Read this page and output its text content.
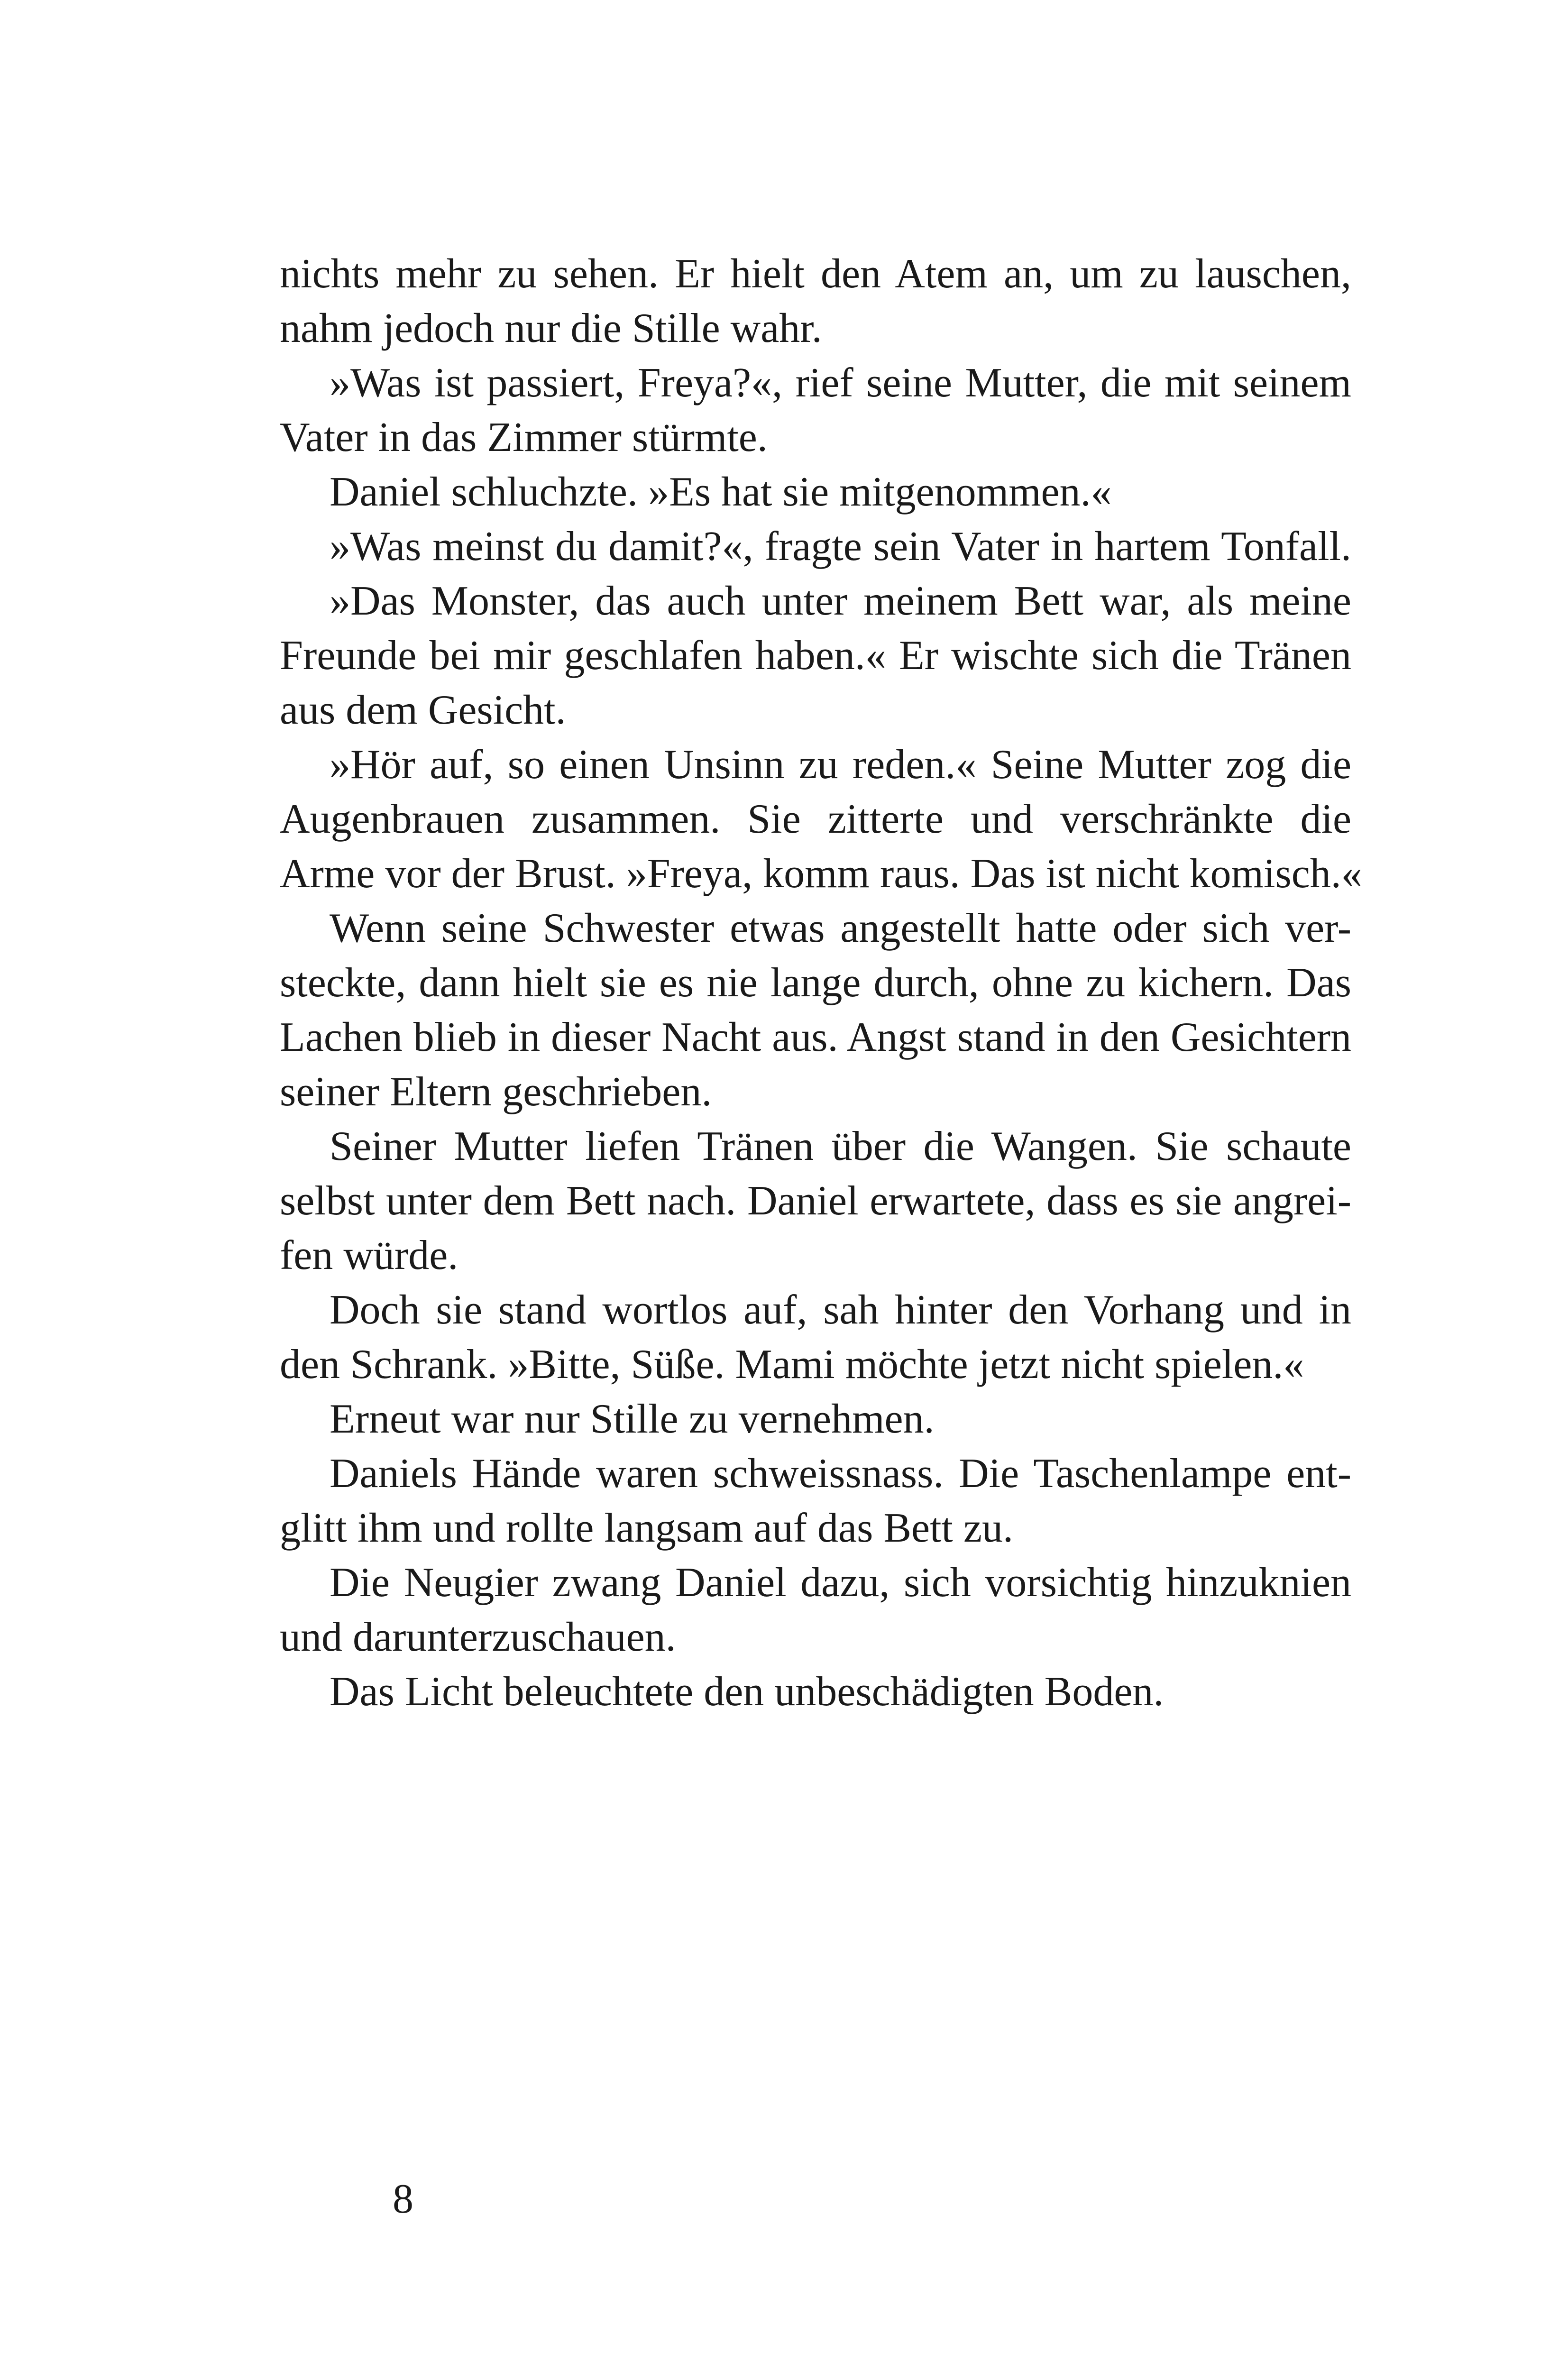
nichts mehr zu sehen. Er hielt den Atem an, um zu lauschen,
nahm jedoch nur die Stille wahr.
»Was ist passiert, Freya?«, rief seine Mutter, die mit seinem
Vater in das Zimmer stürmte.
Daniel schluchzte. »Es hat sie mitgenommen.«
»Was meinst du damit?«, fragte sein Vater in hartem Tonfall.
»Das Monster, das auch unter meinem Bett war, als meine
Freunde bei mir geschlafen haben.« Er wischte sich die Tränen
aus dem Gesicht.
»Hör auf, so einen Unsinn zu reden.« Seine Mutter zog die
Augenbrauen zusammen. Sie zitterte und verschränkte die
Arme vor der Brust. »Freya, komm raus. Das ist nicht komisch.«
Wenn seine Schwester etwas angestellt hatte oder sich ver-
steckte, dann hielt sie es nie lange durch, ohne zu kichern. Das
Lachen blieb in dieser Nacht aus. Angst stand in den Gesichtern
seiner Eltern geschrieben.
Seiner Mutter liefen Tränen über die Wangen. Sie schaute
selbst unter dem Bett nach. Daniel erwartete, dass es sie angrei-
fen würde.
Doch sie stand wortlos auf, sah hinter den Vorhang und in
den Schrank. »Bitte, Süße. Mami möchte jetzt nicht spielen.«
Erneut war nur Stille zu vernehmen.
Daniels Hände waren schweissnass. Die Taschenlampe ent-
glitt ihm und rollte langsam auf das Bett zu.
Die Neugier zwang Daniel dazu, sich vorsichtig hinzuknien
und darunterzuschauen.
Das Licht beleuchtete den unbeschädigten Boden.
8
